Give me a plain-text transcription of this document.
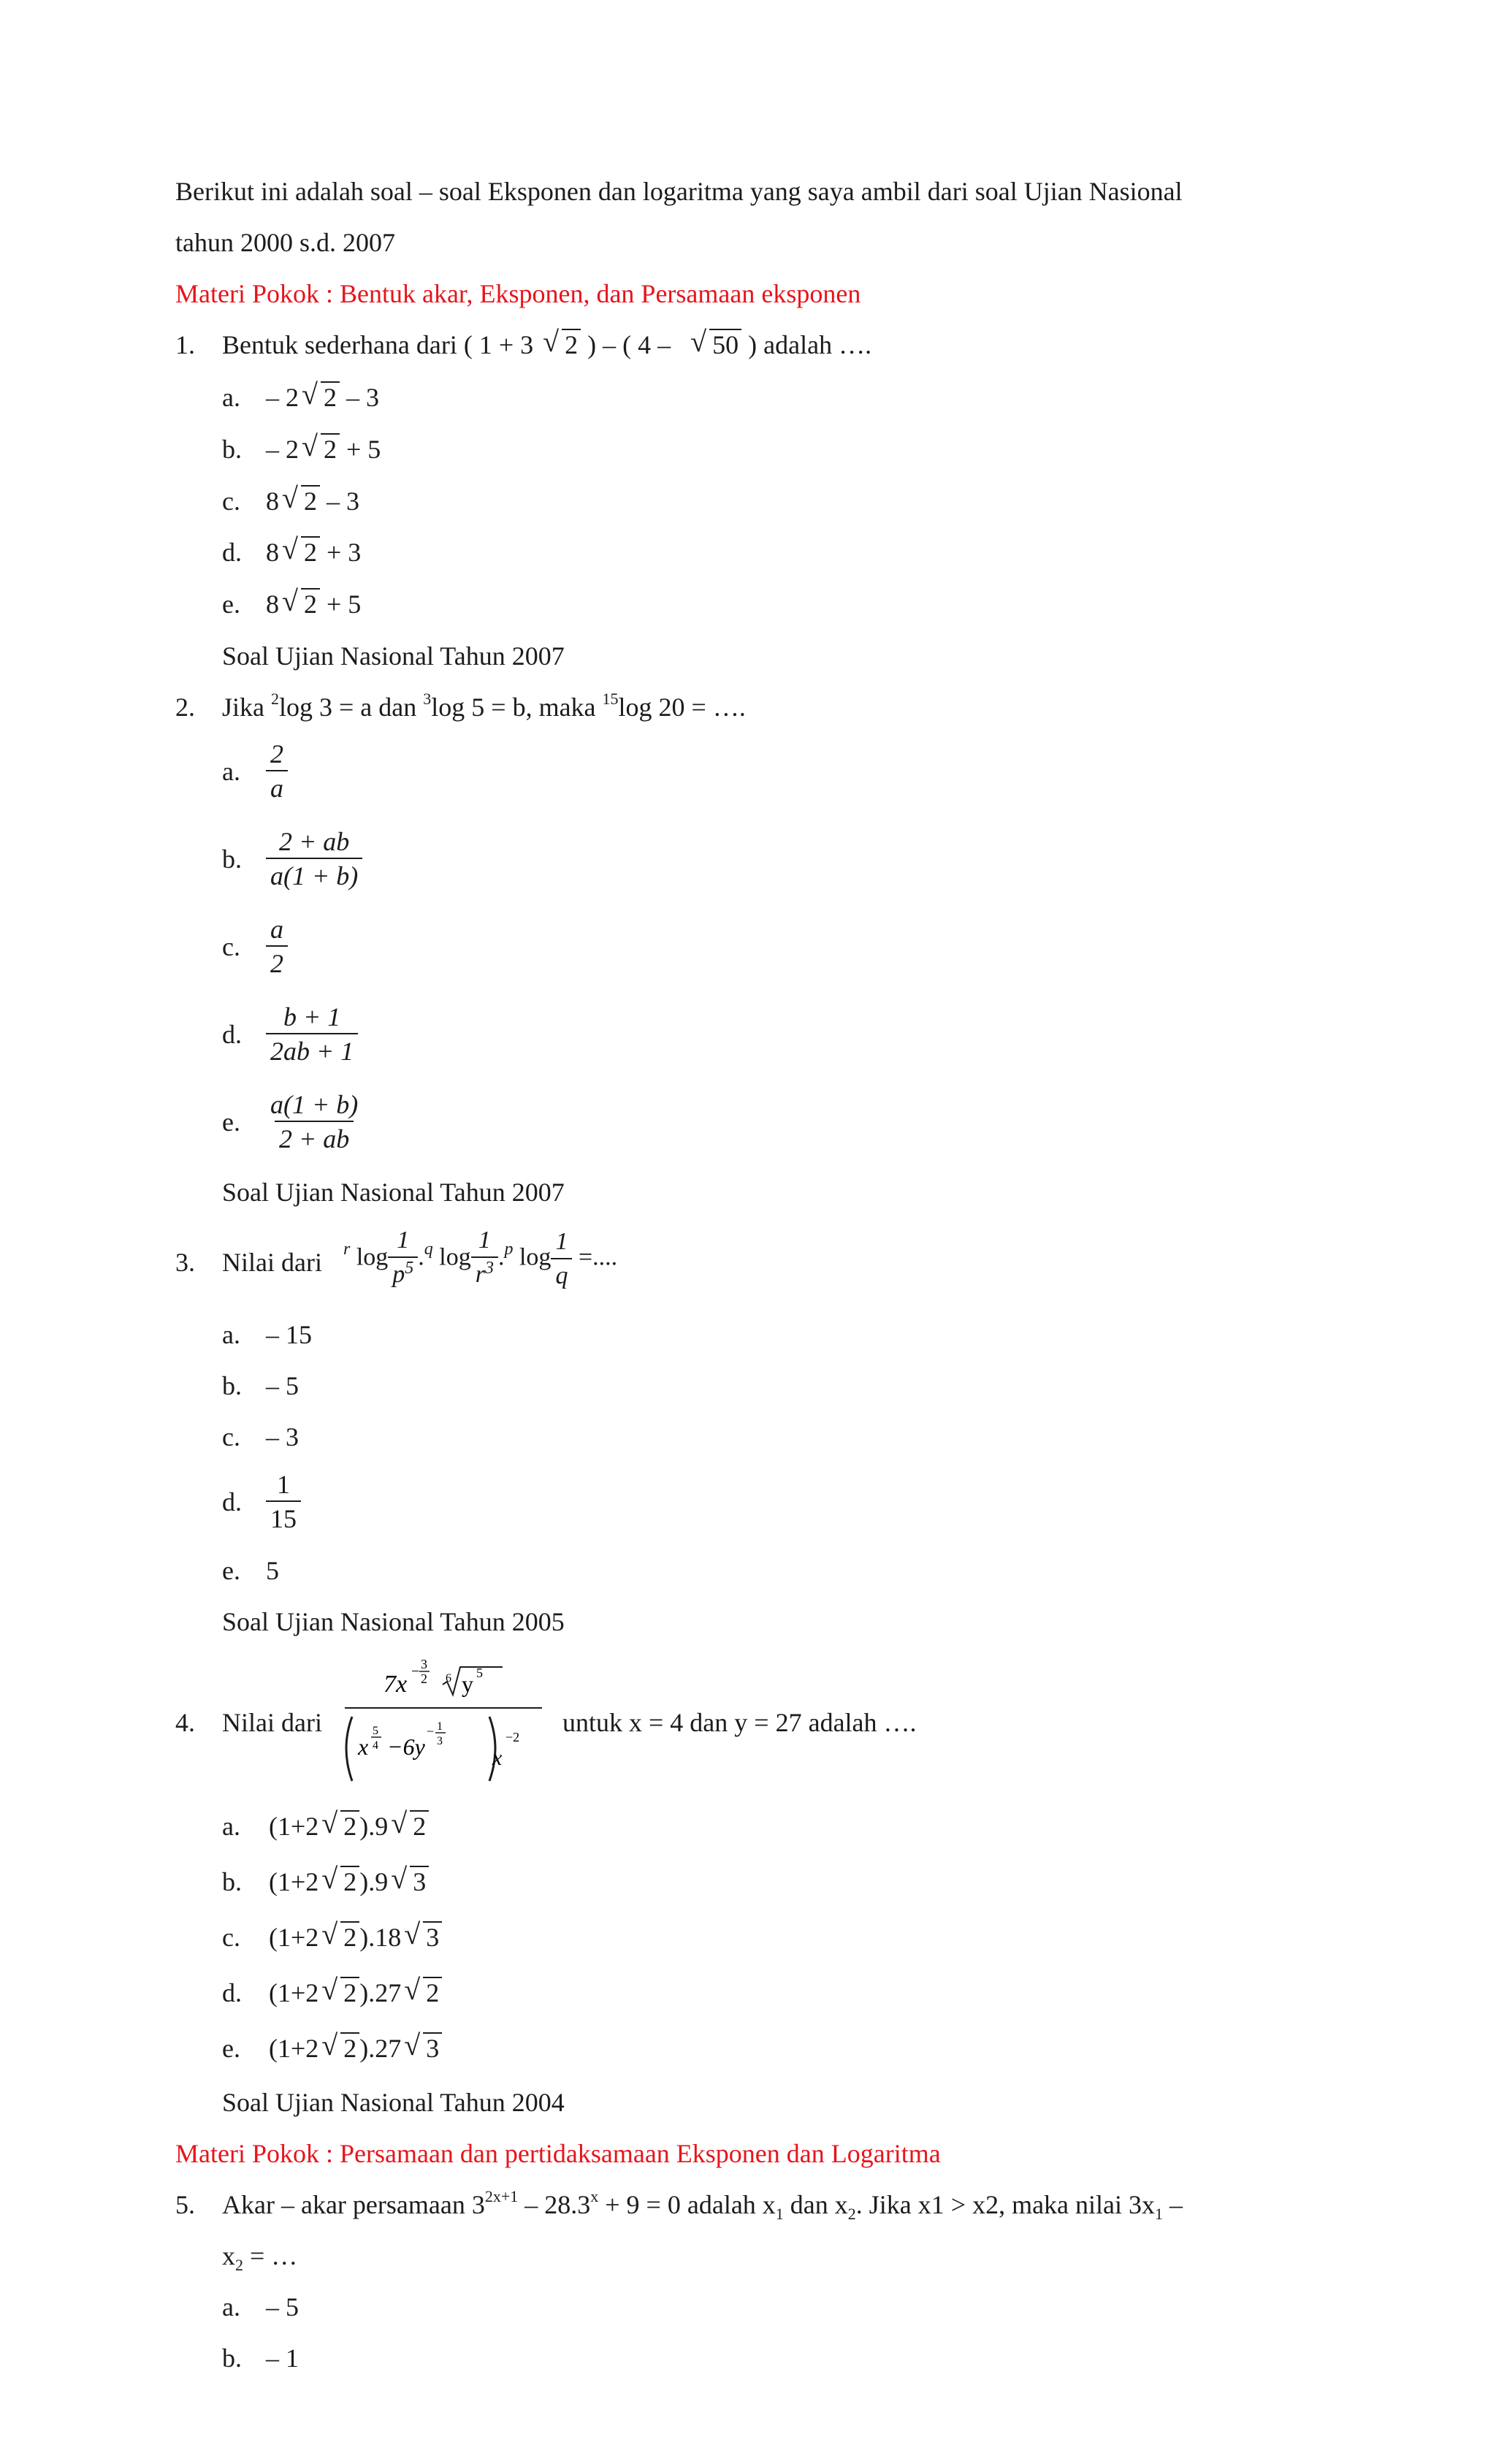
Berikut ini adalah soal – soal Eksponen dan logaritma yang saya ambil dari soal Ujian Nasional
tahun 2000 s.d. 2007
Materi Pokok : Bentuk akar, Eksponen, dan Persamaan eksponen
1. Bentuk sederhana dari ( 1 + 3 √ 2 ) – ( 4 – √ 50 ) adalah ….
a. – 2 √ 2 – 3
b. – 2 √ 2 + 5
c. 8 √ 2 – 3
d. 8 √ 2 + 3
e. 8 √ 2 + 5
Soal Ujian Nasional Tahun 2007
2. Jika $^2$log 3 = a dan $^3$log 5 = b, maka $^{15}$log 20 = ….
a. $\frac{2}{a}$
b. $\frac{2 + ab}{a(1 + b)}$
c. $\frac{a}{2}$
d. $\frac{b + 1}{2ab + 1}$
e. $\frac{a(1 + b)}{2 + ab}$
Soal Ujian Nasional Tahun 2007
3. Nilai dari $^r$ $\log \frac{1}{p^5} .^q$ $\log \frac{1}{r^3} .^p$ $\log \frac{1}{q}$ =....
a. – 15
b. – 5
c. – 3
d. $\frac{1}{15}$
e. 5
Soal Ujian Nasional Tahun 2005
4. Nilai dari
7x − 3
2 6 y 5
x
5
4 −6y
− 1
3
x
−2 untuk x = 4 dan y = 27 adalah ….
a. (1+2 √ 2 ).9 √ 2
b. (1+2 √ 2 ).9 √ 3
c. (1+2 √ 2 ).18 √ 3
d. (1+2 √ 2 ).27 √ 2
e. (1+2 √ 2 ).27 √ 3
Soal Ujian Nasional Tahun 2004
Materi Pokok : Persamaan dan pertidaksamaan Eksponen dan Logaritma
5. Akar – akar persamaan $3^{2x+1} - 28.3^x + 9 = 0$ adalah $x_1$ dan $x_2$. Jika x1 > x2, maka nilai $3x_1$ –
$x_2$ = …
a. – 5
b. – 1
